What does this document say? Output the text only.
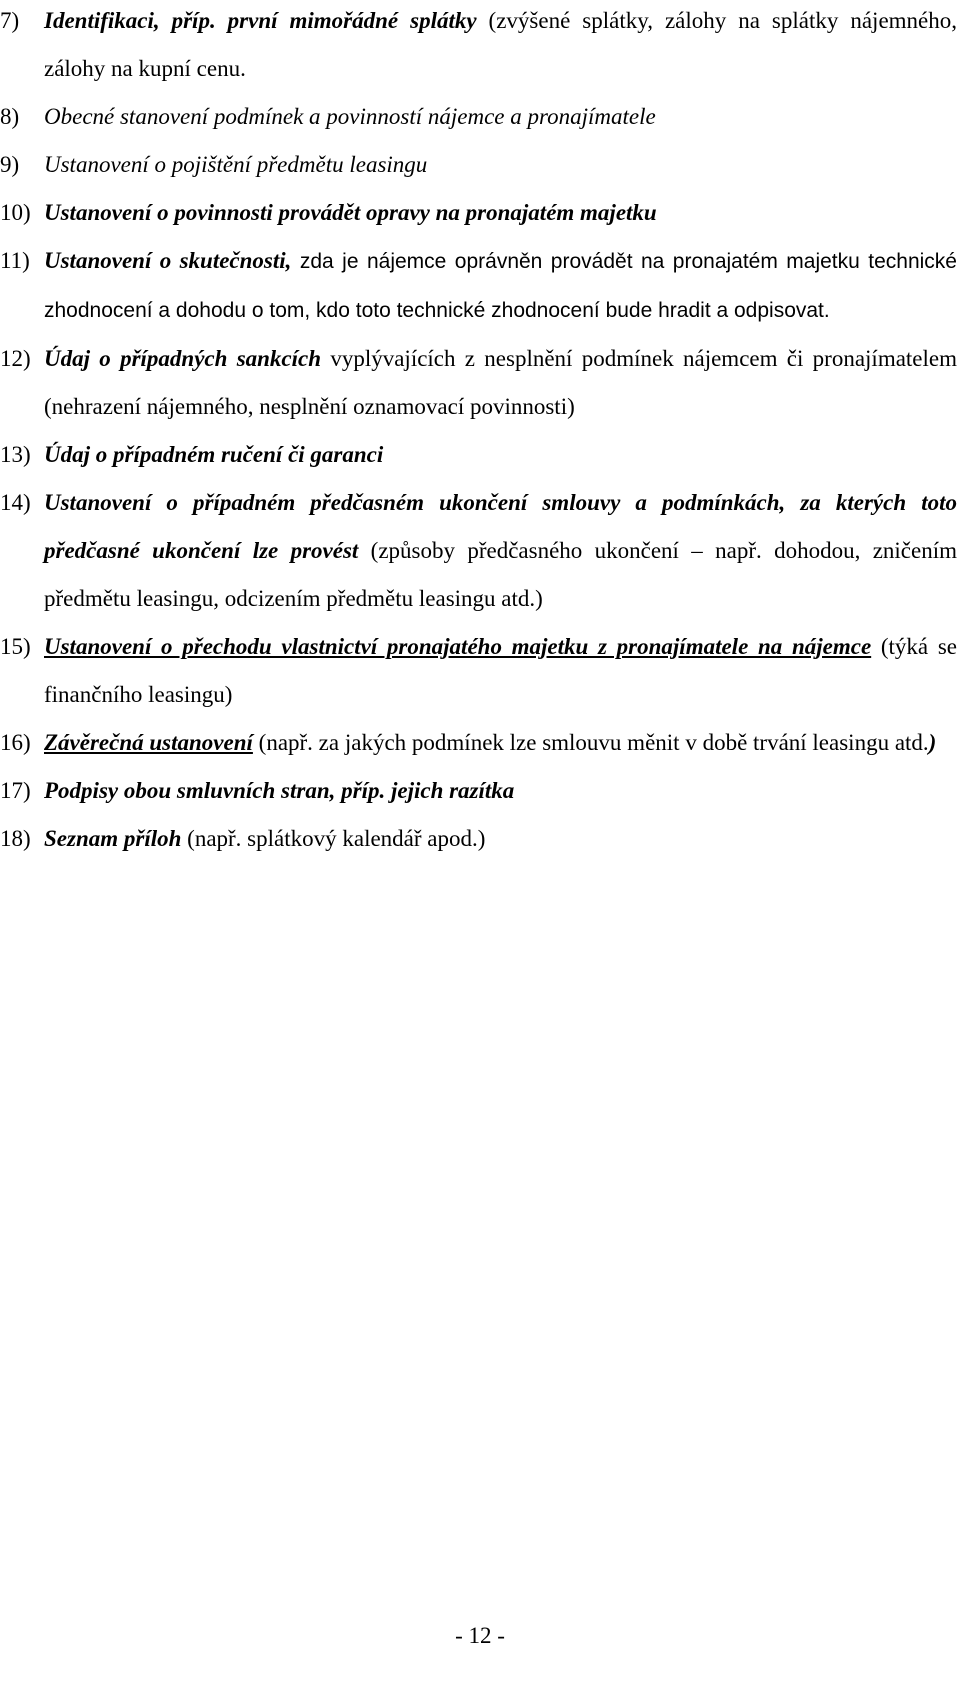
7) Identifikaci, příp. první mimořádné splátky (zvýšené splátky, zálohy na splátky nájemného, zálohy na kupní cenu.
8) Obecné stanovení podmínek a povinností nájemce a pronajímatele
9) Ustanovení o pojištění předmětu leasingu
10) Ustanovení o povinnosti provádět opravy na pronajatém majetku
11) Ustanovení o skutečnosti, zda je nájemce oprávněn provádět na pronajatém majetku technické zhodnocení a dohodu o tom, kdo toto technické zhodnocení bude hradit a odpisovat.
12) Údaj o případných sankcích vyplývajících z nesplnění podmínek nájemcem či pronajímatelem (nehrazení nájemného, nesplnění oznamovací povinnosti)
13) Údaj o případném ručení či garanci
14) Ustanovení o případném předčasném ukončení smlouvy a podmínkách, za kterých toto předčasné ukončení lze provést (způsoby předčasného ukončení – např. dohodou, zničením předmětu leasingu, odcizením předmětu leasingu atd.)
15) Ustanovení o přechodu vlastnictví pronajatého majetku z pronajímatele na nájemce (týká se finančního leasingu)
16) Závěrečná ustanovení (např. za jakých podmínek lze smlouvu měnit v době trvání leasingu atd.)
17) Podpisy obou smluvních stran, příp. jejich razítka
18) Seznam příloh (např. splátkový kalendář apod.)
- 12 -
